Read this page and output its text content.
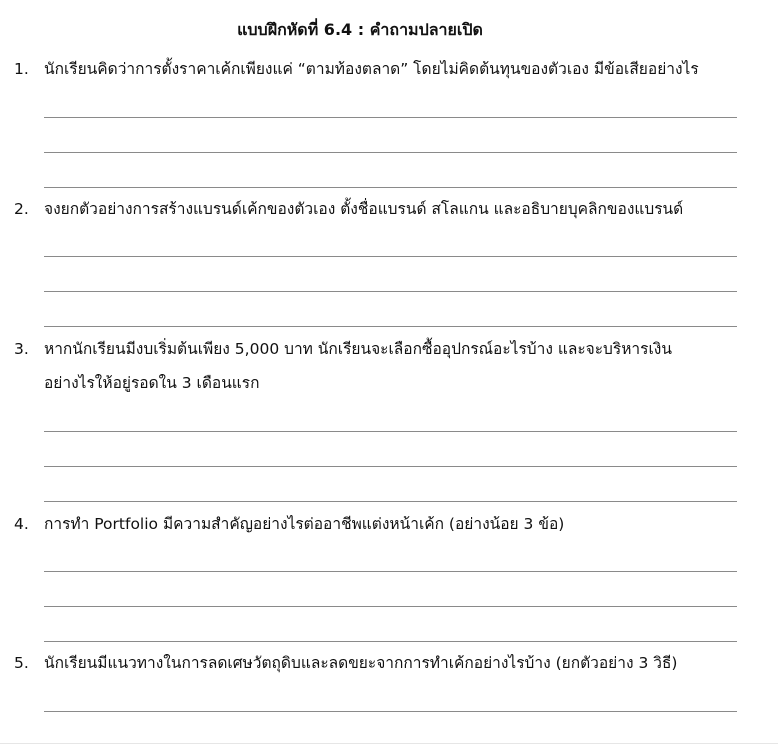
แบบฝึกหัดที่ 6.4 : คำถามปลายเปิด
1. นักเรียนคิดว่าการตั้งราคาเค้กเพียงแค่ “ตามท้องตลาด” โดยไม่คิดต้นทุนของตัวเอง มีข้อเสียอย่างไร
2. จงยกตัวอย่างการสร้างแบรนด์เค้กของตัวเอง ตั้งชื่อแบรนด์ สโลแกน และอธิบายบุคลิกของแบรนด์
3. หากนักเรียนมีงบเริ่มต้นเพียง 5,000 บาท นักเรียนจะเลือกซื้ออุปกรณ์อะไรบ้าง และจะบริหารเงิน
อย่างไรให้อยู่รอดใน 3 เดือนแรก
4. การทำ Portfolio มีความสำคัญอย่างไรต่ออาชีพแต่งหน้าเค้ก (อย่างน้อย 3 ข้อ)
5. นักเรียนมีแนวทางในการลดเศษวัตถุดิบและลดขยะจากการทำเค้กอย่างไรบ้าง (ยกตัวอย่าง 3 วิธี)
